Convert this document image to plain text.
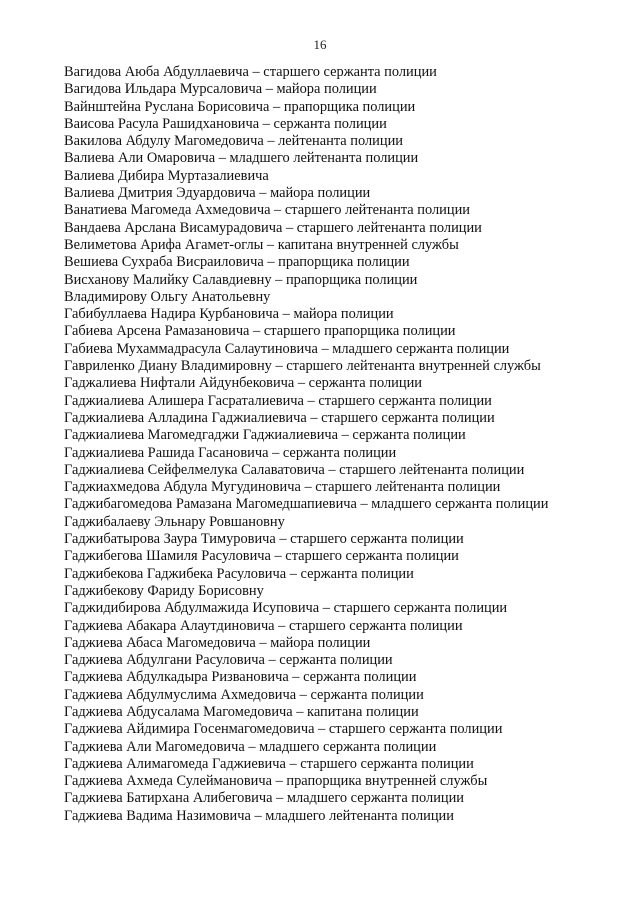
16
Вагидова Аюба Абдуллаевича – старшего сержанта полиции
Вагидова Ильдара Мурсаловича – майора полиции
Вайнштейна Руслана Борисовича – прапорщика полиции
Ваисова Расула Рашидхановича – сержанта полиции
Вакилова Абдулу Магомедовича – лейтенанта полиции
Валиева Али Омаровича – младшего лейтенанта полиции
Валиева Дибира Муртазалиевича
Валиева Дмитрия Эдуардовича – майора полиции
Ванатиева Магомеда Ахмедовича – старшего лейтенанта полиции
Вандаева Арслана Висамурадовича – старшего лейтенанта полиции
Велиметова Арифа Агамет-оглы – капитана внутренней службы
Вешиева Сухраба Висраиловича – прапорщика полиции
Висханову Малийку Салавдиевну – прапорщика полиции
Владимирову Ольгу Анатольевну
Габибуллаева Надира Курбановича – майора полиции
Габиева Арсена Рамазановича – старшего прапорщика полиции
Габиева Мухаммадрасула Салаутиновича – младшего сержанта полиции
Гавриленко Диану Владимировну – старшего лейтенанта внутренней службы
Гаджалиева Нифтали Айдунбековича – сержанта полиции
Гаджиалиева Алишера Гасраталиевича – старшего сержанта полиции
Гаджиалиева Алладина Гаджиалиевича – старшего сержанта полиции
Гаджиалиева Магомедгаджи Гаджиалиевича – сержанта полиции
Гаджиалиева Рашида Гасановича – сержанта полиции
Гаджиалиева Сейфелмелука Салаватовича – старшего лейтенанта полиции
Гаджиахмедова Абдула Мугудиновича – старшего лейтенанта полиции
Гаджибагомедова Рамазана Магомедшапиевича – младшего сержанта полиции
Гаджибалаеву Эльнару Ровшановну
Гаджибатырова Заура Тимуровича – старшего сержанта полиции
Гаджибегова Шамиля Расуловича – старшего сержанта полиции
Гаджибекова Гаджибека Расуловича – сержанта полиции
Гаджибекову Фариду Борисовну
Гаджидибирова Абдулмажида Исуповича – старшего сержанта полиции
Гаджиева Абакара Алаутдиновича – старшего сержанта полиции
Гаджиева Абаса Магомедовича – майора полиции
Гаджиева Абдулгани Расуловича – сержанта полиции
Гаджиева Абдулкадыра Ризвановича – сержанта полиции
Гаджиева Абдулмуслима Ахмедовича – сержанта полиции
Гаджиева Абдусалама Магомедовича – капитана полиции
Гаджиева Айдимира Госенмагомедовича – старшего сержанта полиции
Гаджиева Али Магомедовича – младшего сержанта полиции
Гаджиева Алимагомеда Гаджиевича – старшего сержанта полиции
Гаджиева Ахмеда Сулеймановича – прапорщика внутренней службы
Гаджиева Батирхана Алибеговича – младшего сержанта полиции
Гаджиева Вадима Назимовича – младшего лейтенанта полиции
